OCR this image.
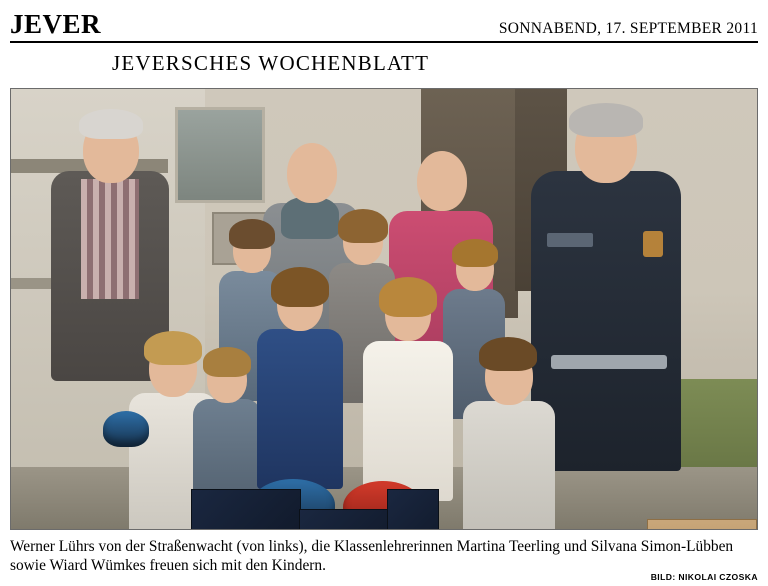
JEVER	SONNABEND, 17. SEPTEMBER 2011
JEVERSCHES WOCHENBLATT
Werner Lührs von der Straßenwacht (von links), die Klassenlehrerinnen Martina Teerling und Silvana Simon-Lübben sowie Wiard Wümkes freuen sich mit den Kindern.
BILD: NIKOLAI CZOSKA
